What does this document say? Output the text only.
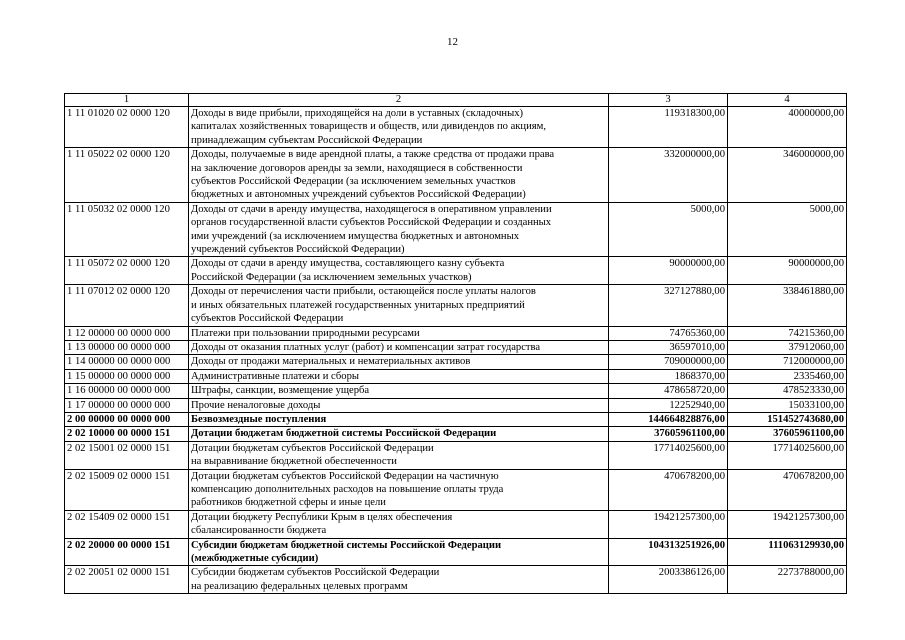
12
1	2	3	4
1 11 01020 02 0000 120	Доходы в виде прибыли, приходящейся на доли в уставных (складочных)
капиталах хозяйственных товариществ и обществ, или дивидендов по акциям,
принадлежащим субъектам Российской Федерации	119318300,00	40000000,00
1 11 05022 02 0000 120	Доходы, получаемые в виде арендной платы, а также средства от продажи права
на заключение договоров аренды за земли, находящиеся в собственности
субъектов Российской Федерации (за исключением земельных участков
бюджетных и автономных учреждений субъектов Российской Федерации)	332000000,00	346000000,00
1 11 05032 02 0000 120	Доходы от сдачи в аренду имущества, находящегося в оперативном управлении
органов государственной власти субъектов Российской Федерации и созданных
ими учреждений (за исключением имущества бюджетных и автономных
учреждений субъектов Российской Федерации)	5000,00	5000,00
1 11 05072 02 0000 120	Доходы от сдачи в аренду имущества, составляющего казну субъекта
Российской Федерации (за исключением земельных участков)	90000000,00	90000000,00
1 11 07012 02 0000 120	Доходы от перечисления части прибыли, остающейся после уплаты налогов
и иных обязательных платежей государственных унитарных предприятий
субъектов Российской Федерации	327127880,00	338461880,00
1 12 00000 00 0000 000	Платежи при пользовании природными ресурсами	74765360,00	74215360,00
1 13 00000 00 0000 000	Доходы от оказания платных услуг (работ) и компенсации затрат государства	36597010,00	37912060,00
1 14 00000 00 0000 000	Доходы от продажи материальных и нематериальных активов	709000000,00	712000000,00
1 15 00000 00 0000 000	Административные платежи и сборы	1868370,00	2335460,00
1 16 00000 00 0000 000	Штрафы, санкции, возмещение ущерба	478658720,00	478523330,00
1 17 00000 00 0000 000	Прочие неналоговые доходы	12252940,00	15033100,00
2 00 00000 00 0000 000	Безвозмездные поступления	144664828876,00	151452743680,00
2 02 10000 00 0000 151	Дотации бюджетам бюджетной системы Российской Федерации	37605961100,00	37605961100,00
2 02 15001 02 0000 151	Дотации бюджетам субъектов Российской Федерации
на выравнивание бюджетной обеспеченности	17714025600,00	17714025600,00
2 02 15009 02 0000 151	Дотации бюджетам субъектов Российской Федерации на частичную
компенсацию дополнительных расходов на повышение оплаты труда
работников бюджетной сферы и иные цели	470678200,00	470678200,00
2 02 15409 02 0000 151	Дотации бюджету Республики Крым в целях обеспечения
сбалансированности бюджета	19421257300,00	19421257300,00
2 02 20000 00 0000 151	Субсидии бюджетам бюджетной системы Российской Федерации
(межбюджетные субсидии)	104313251926,00	111063129930,00
2 02 20051 02 0000 151	Субсидии бюджетам субъектов Российской Федерации
на реализацию федеральных целевых программ	2003386126,00	2273788000,00
